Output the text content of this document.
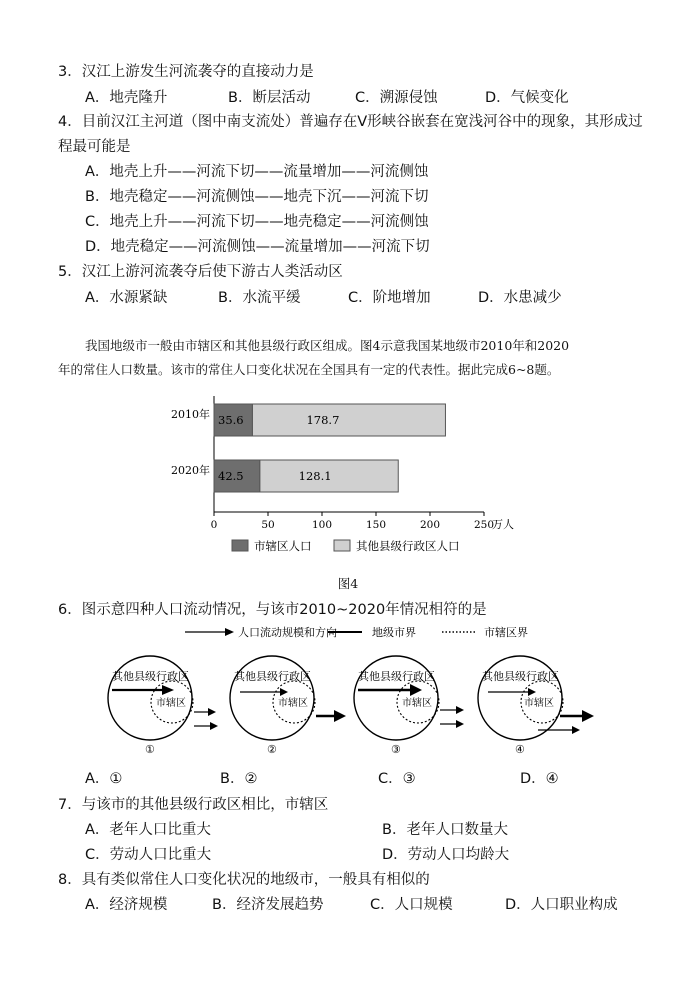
3．汉江上游发生河流袭夺的直接动力是
A．地壳隆升	B．断层活动	C．溯源侵蚀	D．气候变化
4．目前汉江主河道（图中南支流处）普遍存在V形峡谷嵌套在宽浅河谷中的现象，其形成过
程最可能是
A．地壳上升——河流下切——流量增加——河流侧蚀
B．地壳稳定——河流侧蚀——地壳下沉——河流下切
C．地壳上升——河流下切——地壳稳定——河流侧蚀
D．地壳稳定——河流侧蚀——流量增加——河流下切
5．汉江上游河流袭夺后使下游古人类活动区
A．水源紧缺	B．水流平缓	C．阶地增加	D．水患减少
我国地级市一般由市辖区和其他县级行政区组成。图4示意我国某地级市2010年和2020
年的常住人口数量。该市的常住人口变化状况在全国具有一定的代表性。据此完成6~8题。
2010年 35.6	178.7
2020年 42.5	128.1
0	50	100	150	200	250
万人
市辖区人口	其他县级行政区人口
图4
6．图示意四种人口流动情况，与该市2010~2020年情况相符的是
人口流动规模和方向	地级市界	市辖区界
其他县级行政区
市辖区
①
其他县级行政区
市辖区
②
其他县级行政区
市辖区
③
其他县级行政区
市辖区
④
A．①	B．②	C．③	D．④
7．与该市的其他县级行政区相比，市辖区
A．老年人口比重大	B．老年人口数量大
C．劳动人口比重大	D．劳动人口均龄大
8．具有类似常住人口变化状况的地级市，一般具有相似的
A．经济规模	B．经济发展趋势	C．人口规模	D．人口职业构成
